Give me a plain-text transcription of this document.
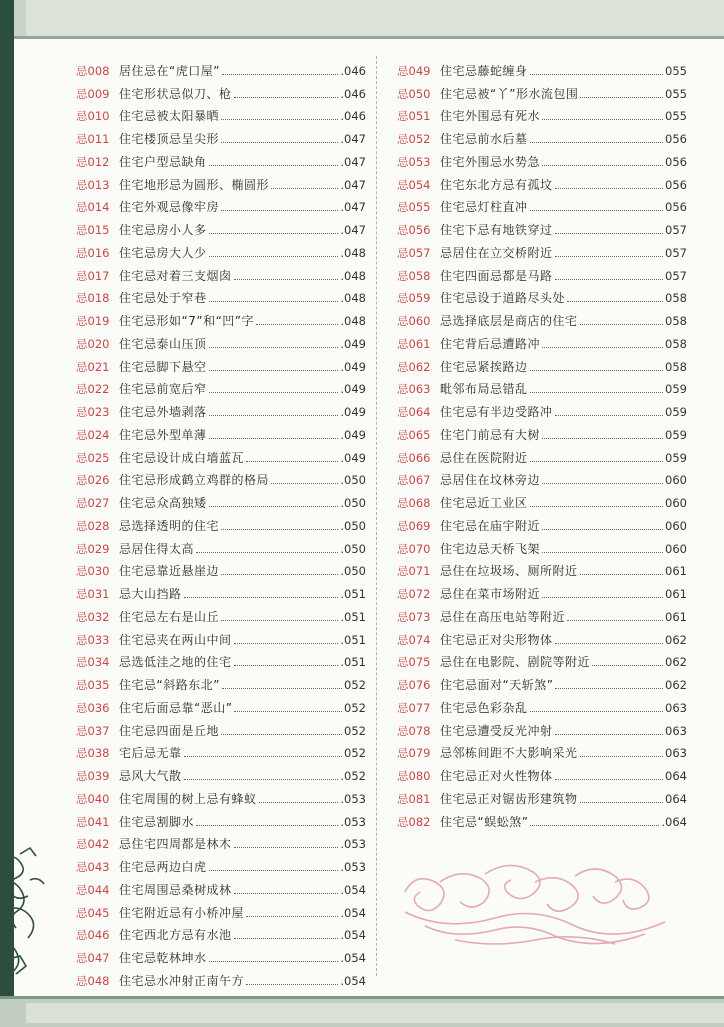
忌008 居住忌在“虎口屋”	.046
忌009 住宅形状忌似刀、枪	.046
忌010 住宅忌被太阳暴晒	.046
忌011 住宅楼顶忌呈尖形	.047
忌012 住宅户型忌缺角	.047
忌013 住宅地形忌为圆形、椭圆形	.047
忌014 住宅外观忌像牢房	.047
忌015 住宅忌房小人多	.047
忌016 住宅忌房大人少	.048
忌017 住宅忌对着三支烟囱	.048
忌018 住宅忌处于窄巷	.048
忌019 住宅忌形如“7”和“凹”字	.048
忌020 住宅忌泰山压顶	.049
忌021 住宅忌脚下悬空	.049
忌022 住宅忌前宽后窄	.049
忌023 住宅忌外墙剥落	.049
忌024 住宅忌外型单薄	.049
忌025 住宅忌设计成白墙蓝瓦	.049
忌026 住宅忌形成鹤立鸡群的格局	.050
忌027 住宅忌众高独矮	.050
忌028 忌选择透明的住宅	.050
忌029 忌居住得太高	.050
忌030 住宅忌靠近悬崖边	.050
忌031 忌大山挡路	.051
忌032 住宅忌左右是山丘	.051
忌033 住宅忌夹在两山中间	.051
忌034 忌选低洼之地的住宅	.051
忌035 住宅忌“斜路东北”	052
忌036 住宅后面忌靠“恶山”	052
忌037 住宅忌四面是丘地	052
忌038 宅后忌无靠	052
忌039 忌风大气散	.052
忌040 住宅周围的树上忌有蜂蚁	.053
忌041 住宅忌割脚水	.053
忌042 忌住宅四周都是林木	.053
忌043 住宅忌两边白虎	.053
忌044 住宅周围忌桑树成林	.054
忌045 住宅附近忌有小桥冲屋	.054
忌046 住宅西北方忌有水池	.054
忌047 住宅忌乾林坤水	.054
忌048 住宅忌水冲射正南午方	.054
忌049 住宅忌藤蛇缠身	055
忌050 住宅忌被“丫”形水流包围	055
忌051 住宅外围忌有死水	055
忌052 住宅忌前水后墓	056
忌053 住宅外围忌水势急	056
忌054 住宅东北方忌有孤坟	056
忌055 住宅忌灯柱直冲	056
忌056 住宅下忌有地铁穿过	057
忌057 忌居住在立交桥附近	057
忌058 住宅四面忌都是马路	057
忌059 住宅忌设于道路尽头处	058
忌060 忌选择底层是商店的住宅	058
忌061 住宅背后忌遭路冲	058
忌062 住宅忌紧挨路边	058
忌063 毗邻布局忌错乱	059
忌064 住宅忌有半边受路冲	059
忌065 住宅门前忌有大树	059
忌066 忌住在医院附近	059
忌067 忌居住在坟林旁边	060
忌068 住宅忌近工业区	060
忌069 住宅忌在庙宇附近	060
忌070 住宅边忌天桥飞架	060
忌071 忌住在垃圾场、厕所附近	061
忌072 忌住在菜市场附近	061
忌073 忌住在高压电站等附近	061
忌074 住宅忌正对尖形物体	062
忌075 忌住在电影院、剧院等附近	062
忌076 住宅忌面对“天斩煞”	062
忌077 住宅忌色彩杂乱	063
忌078 住宅忌遭受反光冲射	063
忌079 忌邻栋间距不大影响采光	063
忌080 住宅忌正对火性物体	064
忌081 住宅忌正对锯齿形建筑物	064
忌082 住宅忌“蜈蚣煞”	.064
